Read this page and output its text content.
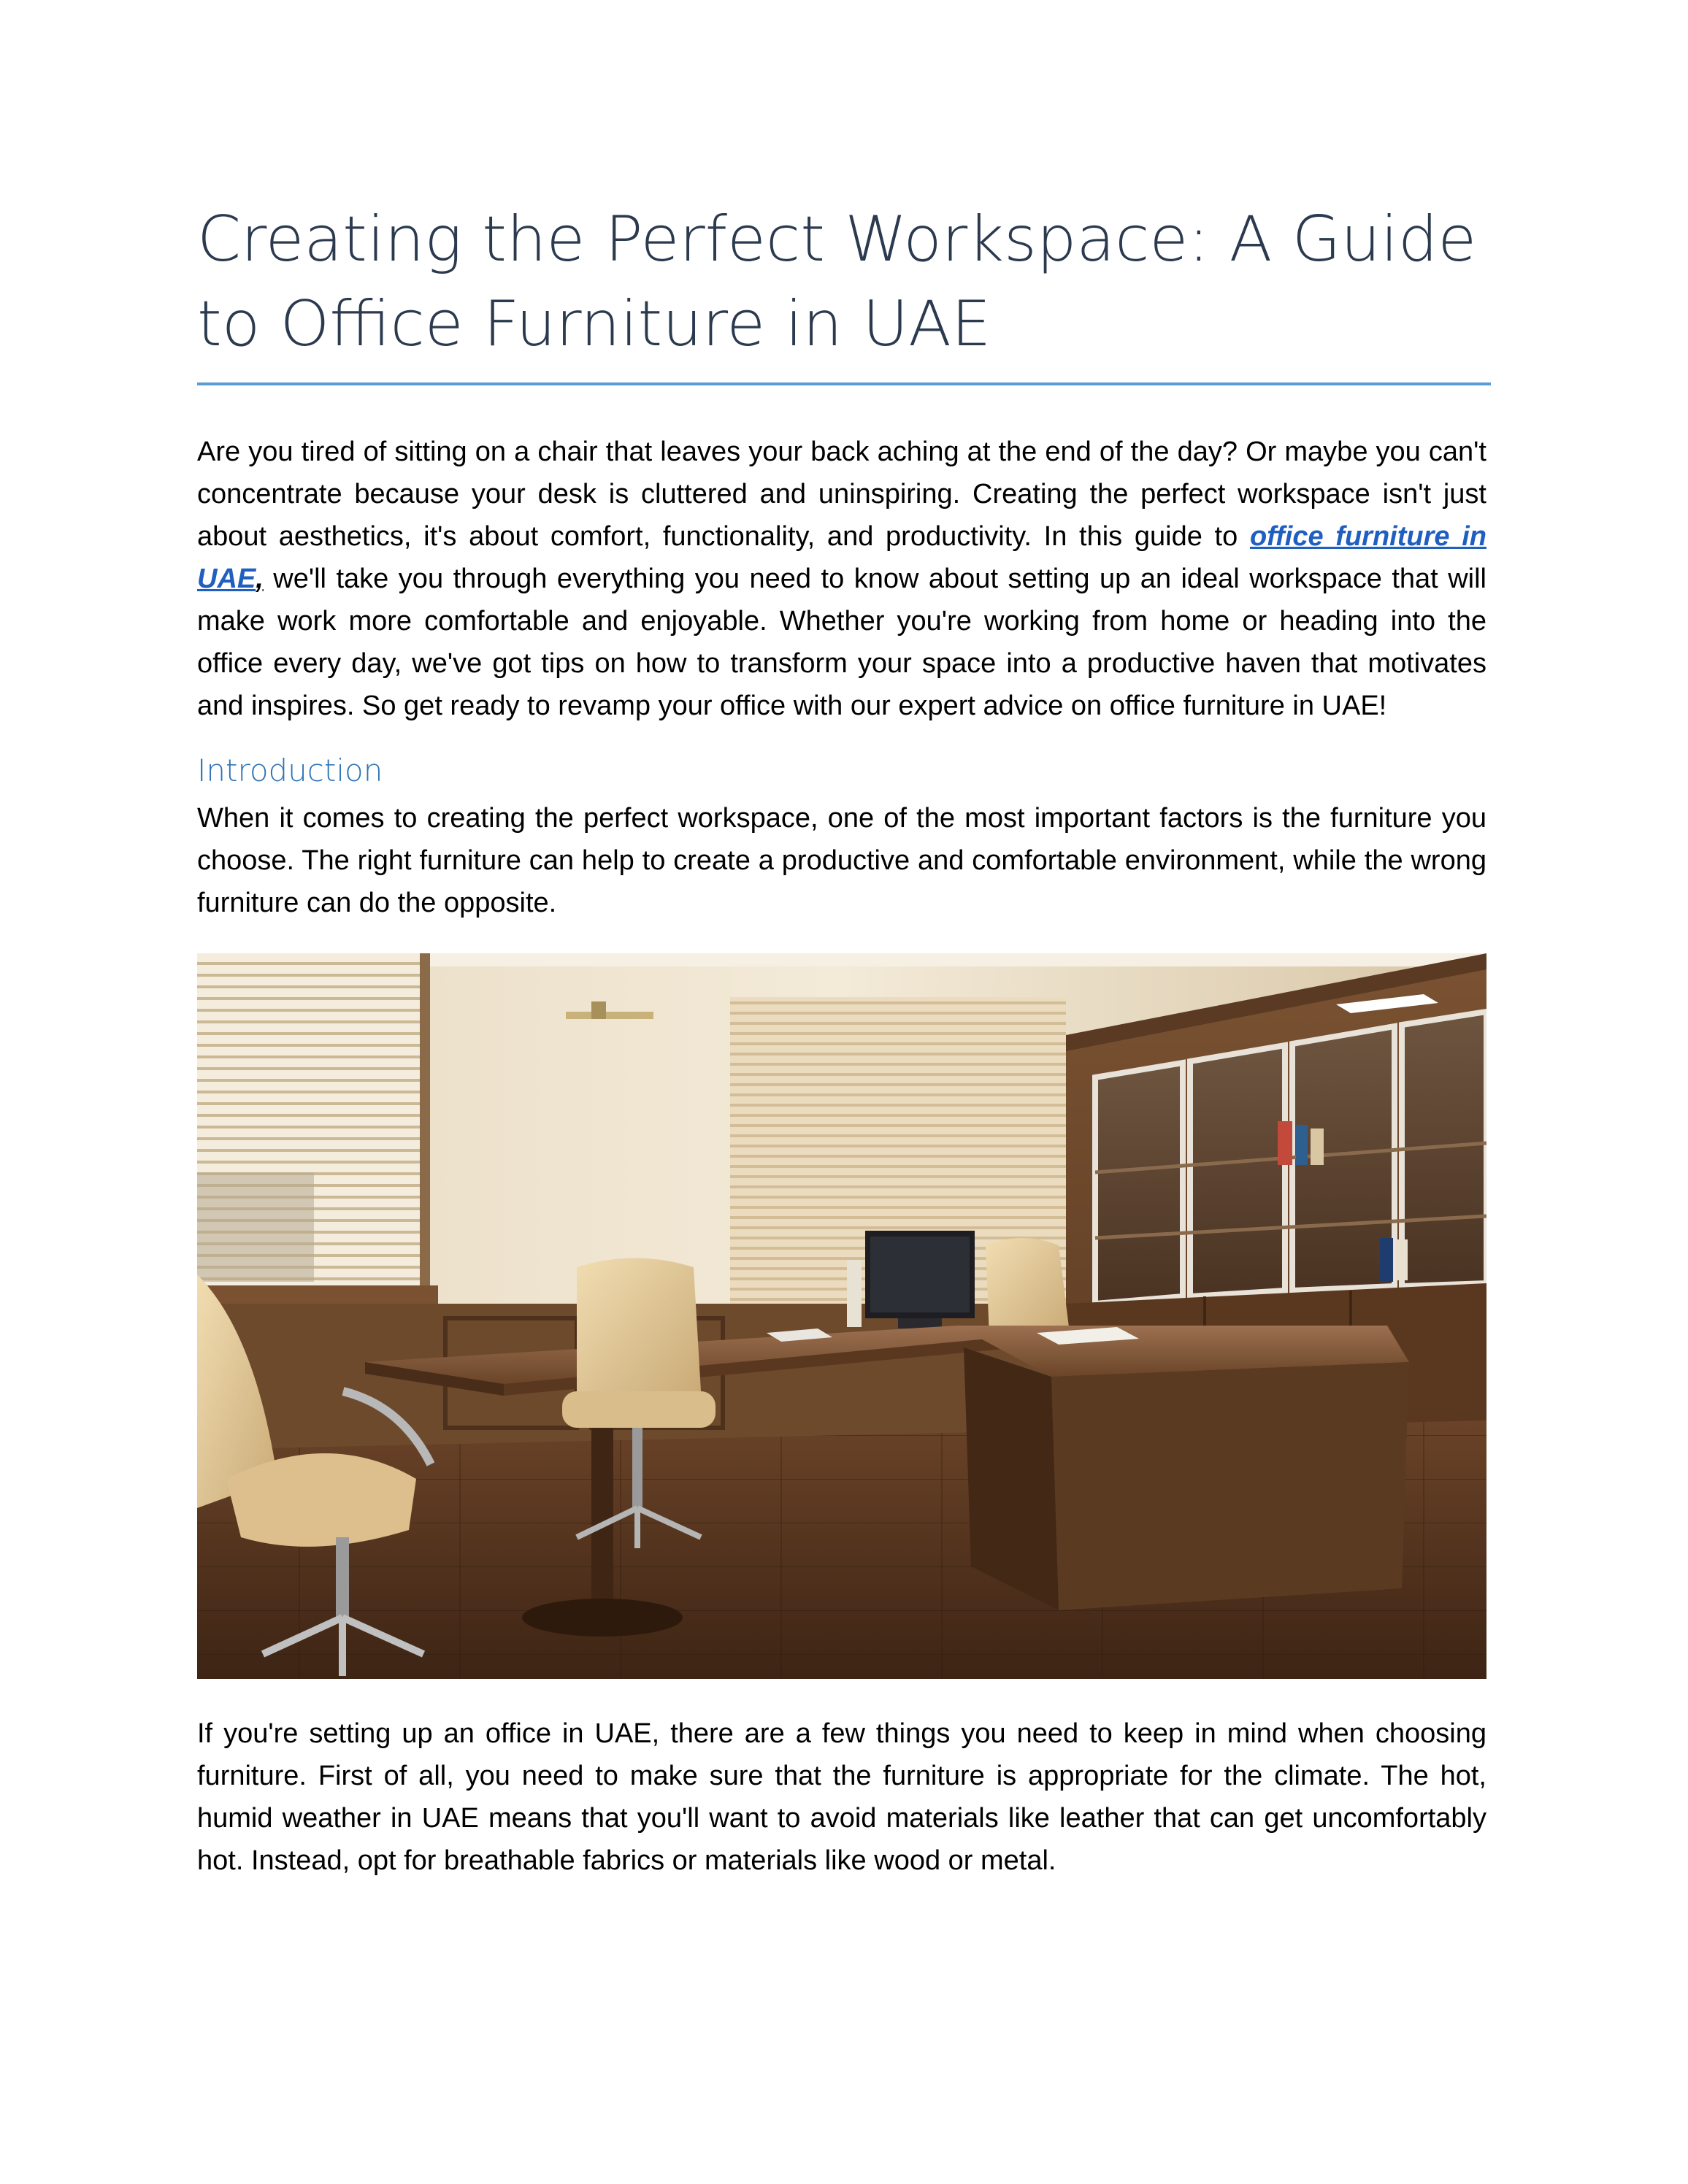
Creating the Perfect Workspace: A Guide to Office Furniture in UAE

Are you tired of sitting on a chair that leaves your back aching at the end of the day? Or maybe you can't concentrate because your desk is cluttered and uninspiring. Creating the perfect workspace isn't just about aesthetics, it's about comfort, functionality, and productivity. In this guide to office furniture in UAE, we'll take you through everything you need to know about setting up an ideal workspace that will make work more comfortable and enjoyable. Whether you're working from home or heading into the office every day, we've got tips on how to transform your space into a productive haven that motivates and inspires. So get ready to revamp your office with our expert advice on office furniture in UAE!

Introduction

When it comes to creating the perfect workspace, one of the most important factors is the furniture you choose. The right furniture can help to create a productive and comfortable environment, while the wrong furniture can do the opposite.

If you're setting up an office in UAE, there are a few things you need to keep in mind when choosing furniture. First of all, you need to make sure that the furniture is appropriate for the climate. The hot, humid weather in UAE means that you'll want to avoid materials like leather that can get uncomfortably hot. Instead, opt for breathable fabrics or materials like wood or metal.
